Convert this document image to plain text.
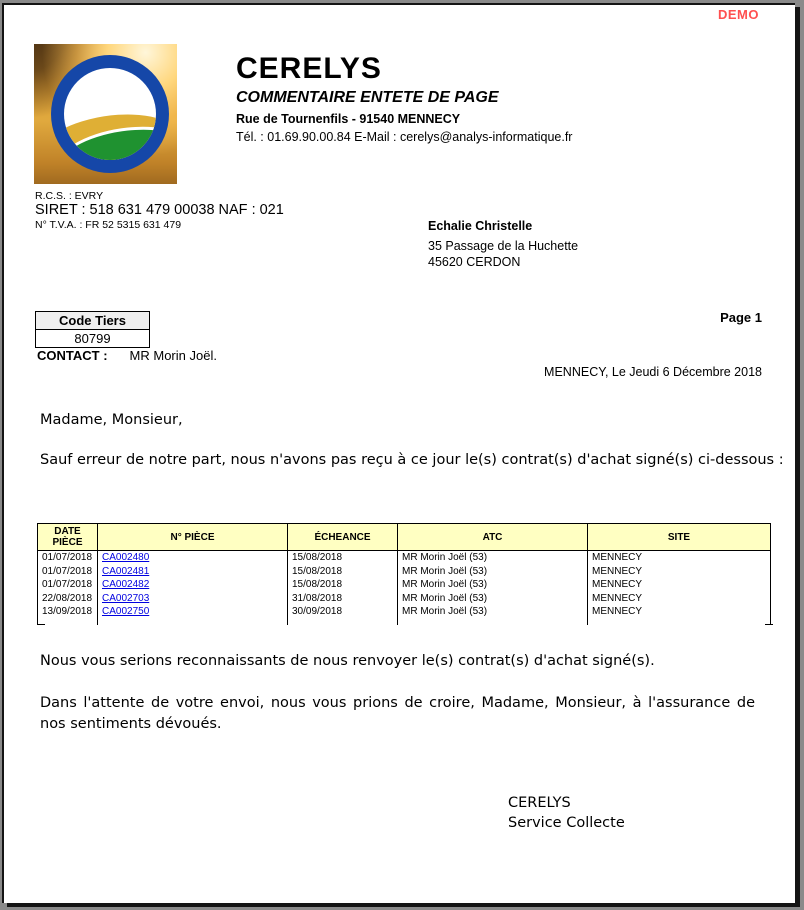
DEMO
CERELYS
COMMENTAIRE ENTETE DE PAGE
Rue de Tournenfils - 91540 MENNECY
Tél. : 01.69.90.00.84 E-Mail : cerelys@analys-informatique.fr
R.C.S. : EVRY
SIRET : 518 631 479 00038 NAF : 021
N° T.V.A. : FR 52 5315 631 479	Echalie Christelle
35 Passage de la Huchette
45620 CERDON
Code Tiers
80799
Page 1
CONTACT : MR Morin Joël.
MENNECY, Le Jeudi 6 Décembre 2018
Madame, Monsieur,
Sauf erreur de notre part, nous n'avons pas reçu à ce jour le(s) contrat(s) d'achat signé(s) ci-dessous :
DATE PIÈCE	N° PIÈCE	ÉCHEANCE	ATC	SITE
01/07/2018 CA002480	15/08/2018	MR Morin Joël (53)	MENNECY
01/07/2018 CA002481	15/08/2018	MR Morin Joël (53)	MENNECY
01/07/2018 CA002482	15/08/2018	MR Morin Joël (53)	MENNECY
22/08/2018 CA002703	31/08/2018	MR Morin Joël (53)	MENNECY
13/09/2018 CA002750	30/09/2018	MR Morin Joël (53)	MENNECY
Nous vous serions reconnaissants de nous renvoyer le(s) contrat(s) d'achat signé(s).
Dans l'attente de votre envoi, nous vous prions de croire, Madame, Monsieur, à l'assurance de nos sentiments dévoués.
CERELYS
Service Collecte
